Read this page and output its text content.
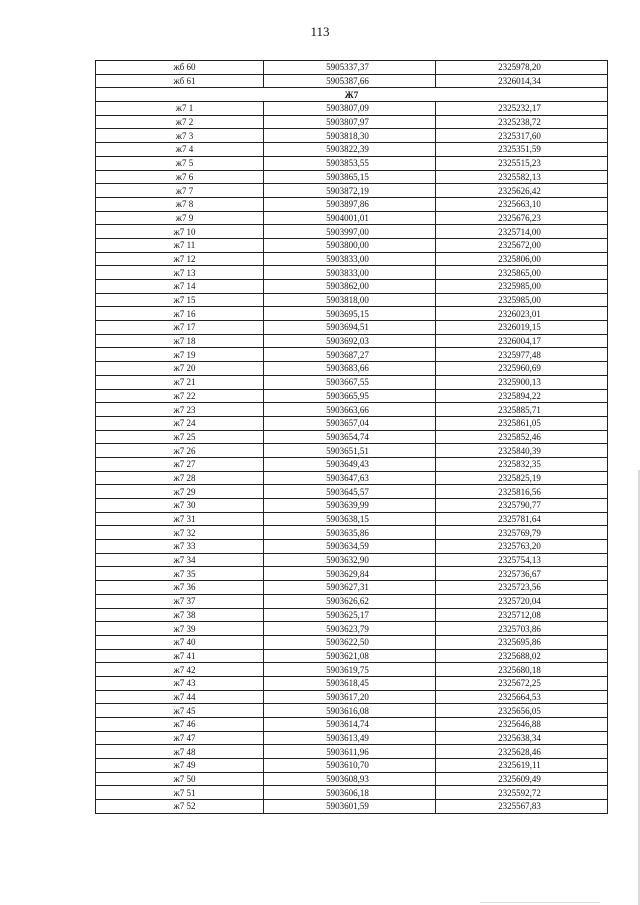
113
жб 60	5905337,37	2325978,20
жб 61	5905387,66	2326014,34
Ж7		
ж7 1	5903807,09	2325232,17
ж7 2	5903807,97	2325238,72
ж7 3	5903818,30	2325317,60
ж7 4	5903822,39	2325351,59
ж7 5	5903853,55	2325515,23
ж7 6	5903865,15	2325582,13
ж7 7	5903872,19	2325626,42
ж7 8	5903897,86	2325663,10
ж7 9	5904001,01	2325676,23
ж7 10	5903997,00	2325714,00
ж7 11	5903800,00	2325672,00
ж7 12	5903833,00	2325806,00
ж7 13	5903833,00	2325865,00
ж7 14	5903862,00	2325985,00
ж7 15	5903818,00	2325985,00
ж7 16	5903695,15	2326023,01
ж7 17	5903694,51	2326019,15
ж7 18	5903692,03	2326004,17
ж7 19	5903687,27	2325977,48
ж7 20	5903683,66	2325960,69
ж7 21	5903667,55	2325900,13
ж7 22	5903665,95	2325894,22
ж7 23	5903663,66	2325885,71
ж7 24	5903657,04	2325861,05
ж7 25	5903654,74	2325852,46
ж7 26	5903651,51	2325840,39
ж7 27	5903649,43	2325832,35
ж7 28	5903647,63	2325825,19
ж7 29	5903645,57	2325816,56
ж7 30	5903639,99	2325790,77
ж7 31	5903638,15	2325781,64
ж7 32	5903635,86	2325769,79
ж7 33	5903634,59	2325763,20
ж7 34	5903632,90	2325754,13
ж7 35	5903629,84	2325736,67
ж7 36	5903627,31	2325723,56
ж7 37	5903626,62	2325720,04
ж7 38	5903625,17	2325712,08
ж7 39	5903623,79	2325703,86
ж7 40	5903622,50	2325695,86
ж7 41	5903621,08	2325688,02
ж7 42	5903619,75	2325680,18
ж7 43	5903618,45	2325672,25
ж7 44	5903617,20	2325664,53
ж7 45	5903616,08	2325656,05
ж7 46	5903614,74	2325646,88
ж7 47	5903613,49	2325638,34
ж7 48	5903611,96	2325628,46
ж7 49	5903610,70	2325619,11
ж7 50	5903608,93	2325609,49
ж7 51	5903606,18	2325592,72
ж7 52	5903601,59	2325567,83
